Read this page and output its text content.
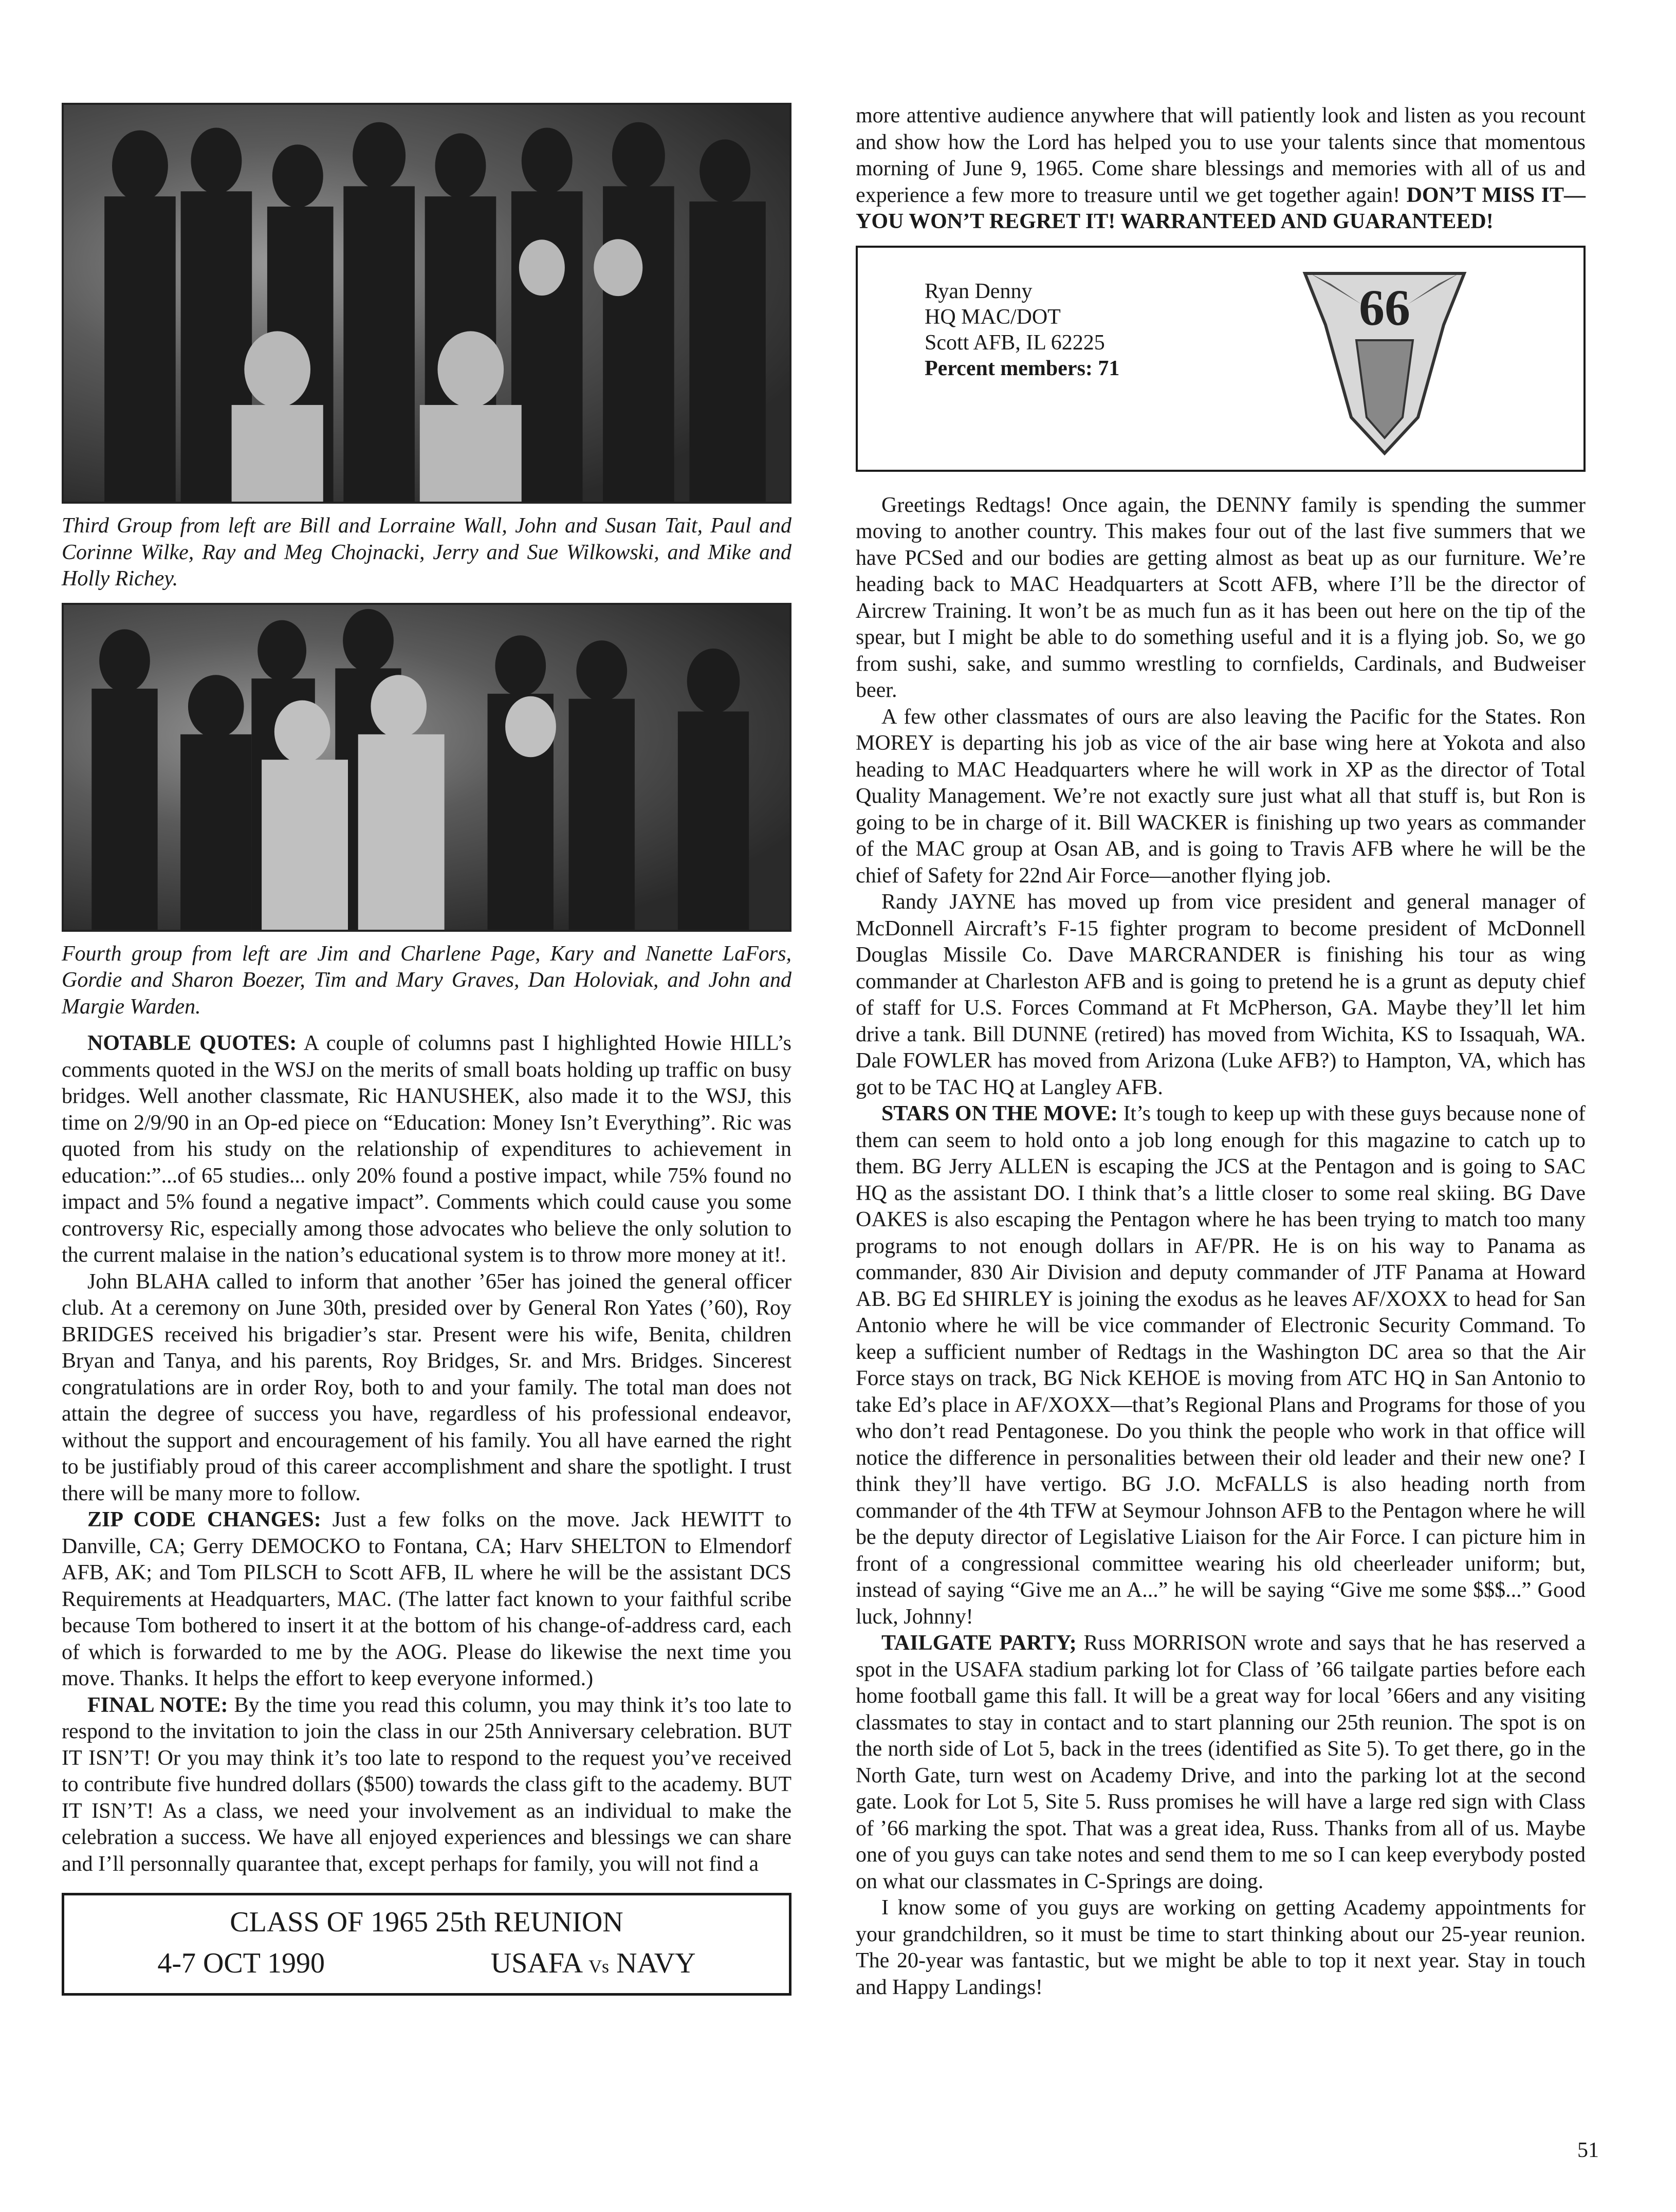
Third Group from left are Bill and Lorraine Wall, John and Susan Tait, Paul and Corinne Wilke, Ray and Meg Chojnacki, Jerry and Sue Wilkowski, and Mike and Holly Richey.

Fourth group from left are Jim and Charlene Page, Kary and Nanette LaFors, Gordie and Sharon Boezer, Tim and Mary Graves, Dan Holoviak, and John and Margie Warden.

NOTABLE QUOTES: A couple of columns past I highlighted Howie HILL’s comments quoted in the WSJ on the merits of small boats holding up traffic on busy bridges. Well another classmate, Ric HANUSHEK, also made it to the WSJ, this time on 2/9/90 in an Op-ed piece on “Education: Money Isn’t Everything”. Ric was quoted from his study on the relationship of expenditures to achievement in education:”...of 65 studies... only 20% found a postive impact, while 75% found no impact and 5% found a negative impact”. Comments which could cause you some controversy Ric, especially among those advocates who believe the only solution to the current malaise in the nation’s educational system is to throw more money at it!.

John BLAHA called to inform that another ’65er has joined the general officer club. At a ceremony on June 30th, presided over by General Ron Yates (’60), Roy BRIDGES received his brigadier’s star. Present were his wife, Benita, children Bryan and Tanya, and his parents, Roy Bridges, Sr. and Mrs. Bridges. Sincerest congratulations are in order Roy, both to and your family. The total man does not attain the degree of success you have, regardless of his professional endeavor, without the support and encouragement of his family. You all have earned the right to be justifiably proud of this career accomplishment and share the spotlight. I trust there will be many more to follow.

ZIP CODE CHANGES: Just a few folks on the move. Jack HEWITT to Danville, CA; Gerry DEMOCKO to Fontana, CA; Harv SHELTON to Elmendorf AFB, AK; and Tom PILSCH to Scott AFB, IL where he will be the assistant DCS Requirements at Headquarters, MAC. (The latter fact known to your faithful scribe because Tom bothered to insert it at the bottom of his change-of-address card, each of which is forwarded to me by the AOG. Please do likewise the next time you move. Thanks. It helps the effort to keep everyone informed.)

FINAL NOTE: By the time you read this column, you may think it’s too late to respond to the invitation to join the class in our 25th Anniversary celebration. BUT IT ISN’T! Or you may think it’s too late to respond to the request you’ve received to contribute five hundred dollars ($500) towards the class gift to the academy. BUT IT ISN’T! As a class, we need your involvement as an individual to make the celebration a success. We have all enjoyed experiences and blessings we can share and I’ll personnally quarantee that, except perhaps for family, you will not find a

CLASS OF 1965 25th REUNION
4-7 OCT 1990	USAFA Vs NAVY

more attentive audience anywhere that will patiently look and listen as you recount and show how the Lord has helped you to use your talents since that momentous morning of June 9, 1965. Come share blessings and memories with all of us and experience a few more to treasure until we get together again! DON’T MISS IT—YOU WON’T REGRET IT! WARRANTEED AND GUARANTEED!

Ryan Denny
HQ MAC/DOT
Scott AFB, IL 62225
Percent members: 71
66

Greetings Redtags! Once again, the DENNY family is spending the summer moving to another country. This makes four out of the last five summers that we have PCSed and our bodies are getting almost as beat up as our furniture. We’re heading back to MAC Headquarters at Scott AFB, where I’ll be the director of Aircrew Training. It won’t be as much fun as it has been out here on the tip of the spear, but I might be able to do something useful and it is a flying job. So, we go from sushi, sake, and summo wrestling to cornfields, Cardinals, and Budweiser beer.

A few other classmates of ours are also leaving the Pacific for the States. Ron MOREY is departing his job as vice of the air base wing here at Yokota and also heading to MAC Headquarters where he will work in XP as the director of Total Quality Management. We’re not exactly sure just what all that stuff is, but Ron is going to be in charge of it. Bill WACKER is finishing up two years as commander of the MAC group at Osan AB, and is going to Travis AFB where he will be the chief of Safety for 22nd Air Force—another flying job.

Randy JAYNE has moved up from vice president and general manager of McDonnell Aircraft’s F-15 fighter program to become president of McDonnell Douglas Missile Co. Dave MARCRANDER is finishing his tour as wing commander at Charleston AFB and is going to pretend he is a grunt as deputy chief of staff for U.S. Forces Command at Ft McPherson, GA. Maybe they’ll let him drive a tank. Bill DUNNE (retired) has moved from Wichita, KS to Issaquah, WA. Dale FOWLER has moved from Arizona (Luke AFB?) to Hampton, VA, which has got to be TAC HQ at Langley AFB.

STARS ON THE MOVE: It’s tough to keep up with these guys because none of them can seem to hold onto a job long enough for this magazine to catch up to them. BG Jerry ALLEN is escaping the JCS at the Pentagon and is going to SAC HQ as the assistant DO. I think that’s a little closer to some real skiing. BG Dave OAKES is also escaping the Pentagon where he has been trying to match too many programs to not enough dollars in AF/PR. He is on his way to Panama as commander, 830 Air Division and deputy commander of JTF Panama at Howard AB. BG Ed SHIRLEY is joining the exodus as he leaves AF/XOXX to head for San Antonio where he will be vice commander of Electronic Security Command. To keep a sufficient number of Redtags in the Washington DC area so that the Air Force stays on track, BG Nick KEHOE is moving from ATC HQ in San Antonio to take Ed’s place in AF/XOXX—that’s Regional Plans and Programs for those of you who don’t read Pentagonese. Do you think the people who work in that office will notice the difference in personalities between their old leader and their new one? I think they’ll have vertigo. BG J.O. McFALLS is also heading north from commander of the 4th TFW at Seymour Johnson AFB to the Pentagon where he will be the deputy director of Legislative Liaison for the Air Force. I can picture him in front of a congressional committee wearing his old cheerleader uniform; but, instead of saying “Give me an A...” he will be saying “Give me some $$$...” Good luck, Johnny!

TAILGATE PARTY; Russ MORRISON wrote and says that he has reserved a spot in the USAFA stadium parking lot for Class of ’66 tailgate parties before each home football game this fall. It will be a great way for local ’66ers and any visiting classmates to stay in contact and to start planning our 25th reunion. The spot is on the north side of Lot 5, back in the trees (identified as Site 5). To get there, go in the North Gate, turn west on Academy Drive, and into the parking lot at the second gate. Look for Lot 5, Site 5. Russ promises he will have a large red sign with Class of ’66 marking the spot. That was a great idea, Russ. Thanks from all of us. Maybe one of you guys can take notes and send them to me so I can keep everybody posted on what our classmates in C-Springs are doing.

I know some of you guys are working on getting Academy appointments for your grandchildren, so it must be time to start thinking about our 25-year reunion. The 20-year was fantastic, but we might be able to top it next year. Stay in touch and Happy Landings!

51
